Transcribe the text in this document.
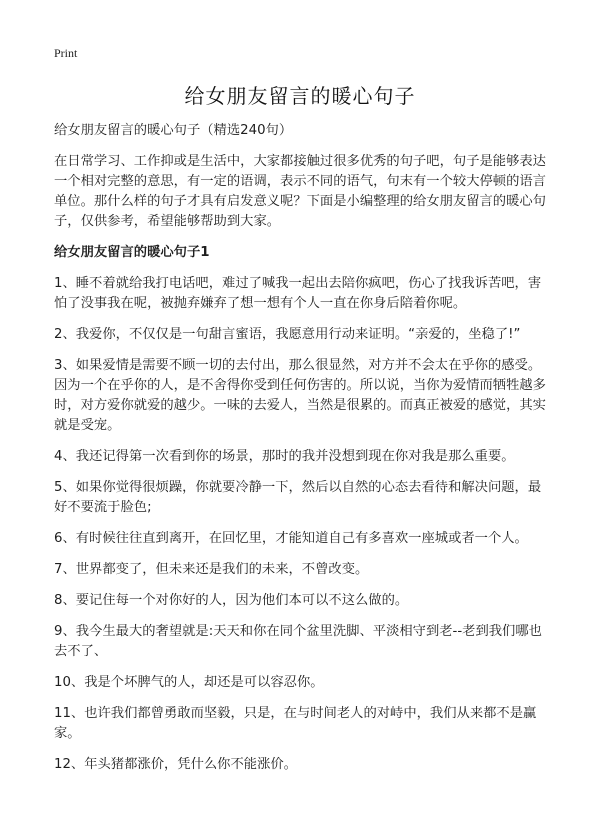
Print
给女朋友留言的暖心句子

给女朋友留言的暖心句子（精选240句）

在日常学习、工作抑或是生活中，大家都接触过很多优秀的句子吧，句子是能够表达一个相对完整的意思，有一定的语调，表示不同的语气，句末有一个较大停顿的语言单位。那什么样的句子才具有启发意义呢？下面是小编整理的给女朋友留言的暖心句子，仅供参考，希望能够帮助到大家。

给女朋友留言的暖心句子1

1、睡不着就给我打电话吧，难过了喊我一起出去陪你疯吧，伤心了找我诉苦吧，害怕了没事我在呢，被抛弃嫌弃了想一想有个人一直在你身后陪着你呢。

2、我爱你，不仅仅是一句甜言蜜语，我愿意用行动来证明。“亲爱的，坐稳了!”

3、如果爱情是需要不顾一切的去付出，那么很显然，对方并不会太在乎你的感受。因为一个在乎你的人，是不舍得你受到任何伤害的。所以说，当你为爱情而牺牲越多时，对方爱你就爱的越少。一味的去爱人，当然是很累的。而真正被爱的感觉，其实就是受宠。

4、我还记得第一次看到你的场景，那时的我并没想到现在你对我是那么重要。

5、如果你觉得很烦躁，你就要冷静一下，然后以自然的心态去看待和解决问题，最好不要流于脸色;

6、有时候往往直到离开，在回忆里，才能知道自己有多喜欢一座城或者一个人。

7、世界都变了，但未来还是我们的未来，不曾改变。

8、要记住每一个对你好的人，因为他们本可以不这么做的。

9、我今生最大的奢望就是:天天和你在同个盆里洗脚、平淡相守到老--老到我们哪也去不了、

10、我是个坏脾气的人，却还是可以容忍你。

11、也许我们都曾勇敢而坚毅，只是，在与时间老人的对峙中，我们从来都不是赢家。

12、年头猪都涨价，凭什么你不能涨价。
